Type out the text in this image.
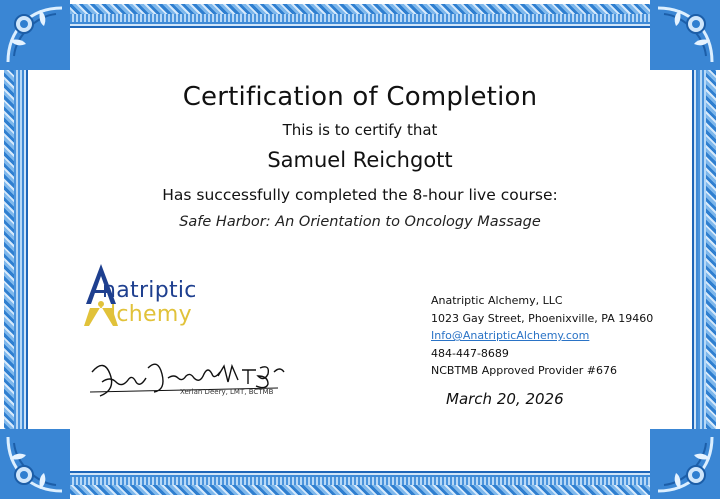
Certification of Completion
This is to certify that
Samuel Reichgott
Has successfully completed the 8-hour live course:
Safe Harbor: An Orientation to Oncology Massage
natriptic
lchemy
Xerlan Deery, LMT, BCTMB
Anatriptic Alchemy, LLC
1023 Gay Street, Phoenixville, PA 19460
Info@AnatripticAlchemy.com
484-447-8689
NCBTMB Approved Provider #676
March 20, 2026
